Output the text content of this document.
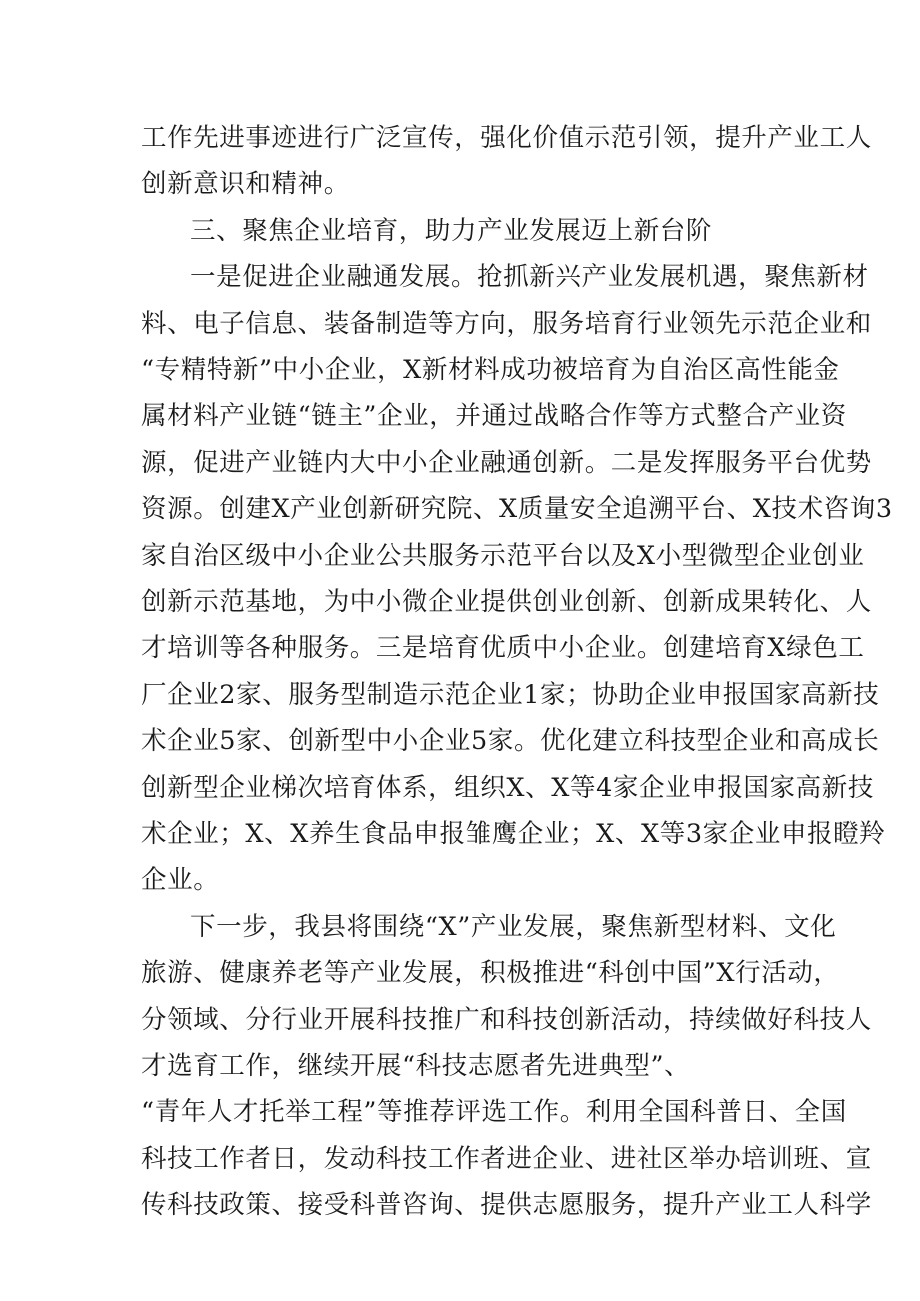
工作先进事迹进行广泛宣传，强化价值示范引领，提升产业工人
创新意识和精神。
三、聚焦企业培育，助力产业发展迈上新台阶
一是促进企业融通发展。抢抓新兴产业发展机遇，聚焦新材
料、电子信息、装备制造等方向，服务培育行业领先示范企业和
“专精特新”中小企业，X新材料成功被培育为自治区高性能金
属材料产业链“链主”企业，并通过战略合作等方式整合产业资
源，促进产业链内大中小企业融通创新。二是发挥服务平台优势
资源。创建X产业创新研究院、X质量安全追溯平台、X技术咨询3
家自治区级中小企业公共服务示范平台以及X小型微型企业创业
创新示范基地，为中小微企业提供创业创新、创新成果转化、人
才培训等各种服务。三是培育优质中小企业。创建培育X绿色工
厂企业2家、服务型制造示范企业1家；协助企业申报国家高新技
术企业5家、创新型中小企业5家。优化建立科技型企业和高成长
创新型企业梯次培育体系，组织X、X等4家企业申报国家高新技
术企业；X、X养生食品申报雏鹰企业；X、X等3家企业申报瞪羚
企业。
下一步，我县将围绕“X”产业发展，聚焦新型材料、文化
旅游、健康养老等产业发展，积极推进“科创中国”X行活动，
分领域、分行业开展科技推广和科技创新活动，持续做好科技人
才选育工作，继续开展“科技志愿者先进典型”、
“青年人才托举工程”等推荐评选工作。利用全国科普日、全国
科技工作者日，发动科技工作者进企业、进社区举办培训班、宣
传科技政策、接受科普咨询、提供志愿服务，提升产业工人科学
